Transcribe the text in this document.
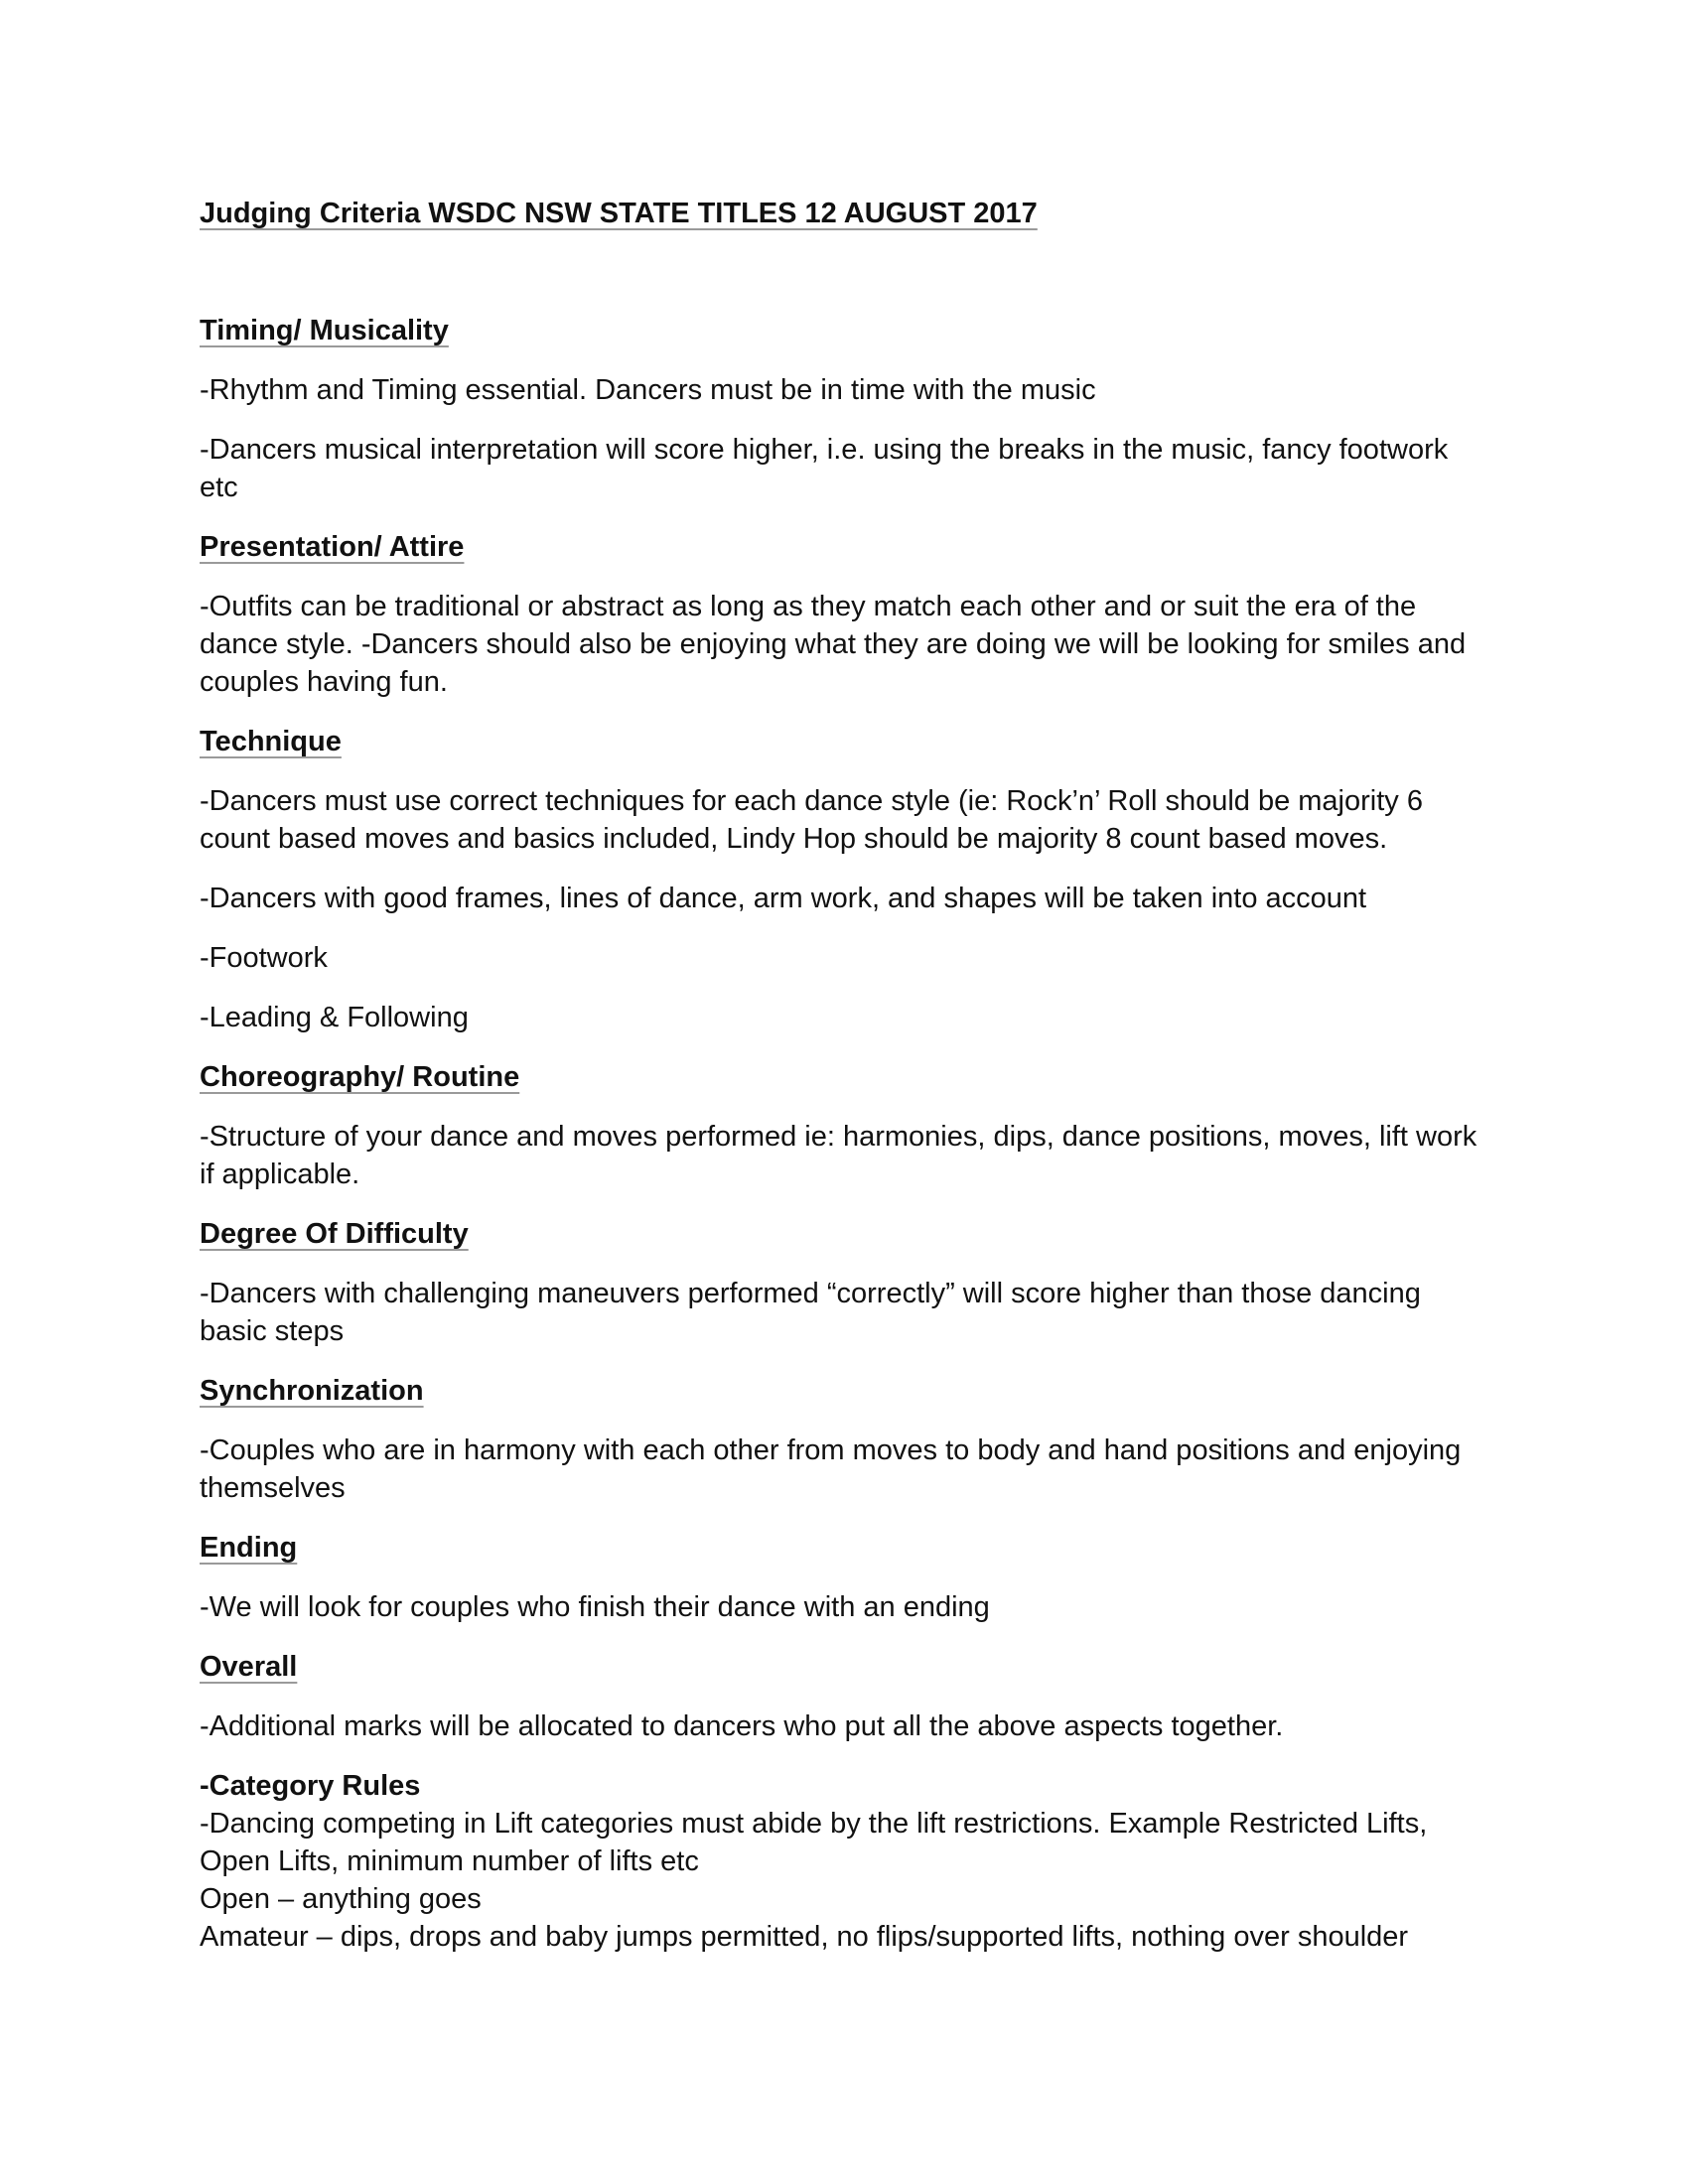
Judging Criteria WSDC NSW STATE TITLES 12 AUGUST 2017
Timing/ Musicality
-Rhythm and Timing essential. Dancers must be in time with the music
-Dancers musical interpretation will score higher, i.e. using the breaks in the music, fancy footwork etc
Presentation/ Attire
-Outfits can be traditional or abstract as long as they match each other and or suit the era of the dance style. -Dancers should also be enjoying what they are doing we will be looking for smiles and couples having fun.
Technique
-Dancers must use correct techniques for each dance style (ie: Rock’n’ Roll should be majority 6 count based moves and basics included, Lindy Hop should be majority 8 count based moves.
-Dancers with good frames, lines of dance, arm work, and shapes will be taken into account
-Footwork
-Leading & Following
Choreography/ Routine
-Structure of your dance and moves performed ie: harmonies, dips, dance positions, moves, lift work if applicable.
Degree Of Difficulty
-Dancers with challenging maneuvers performed “correctly” will score higher than those dancing basic steps
Synchronization
-Couples who are in harmony with each other from moves to body and hand positions and enjoying themselves
Ending
-We will look for couples who finish their dance with an ending
Overall
-Additional marks will be allocated to dancers who put all the above aspects together.
-Category Rules
-Dancing competing in Lift categories must abide by the lift restrictions. Example Restricted Lifts, Open Lifts, minimum number of lifts etc
Open – anything goes
Amateur – dips, drops and baby jumps permitted, no flips/supported lifts, nothing over shoulder
